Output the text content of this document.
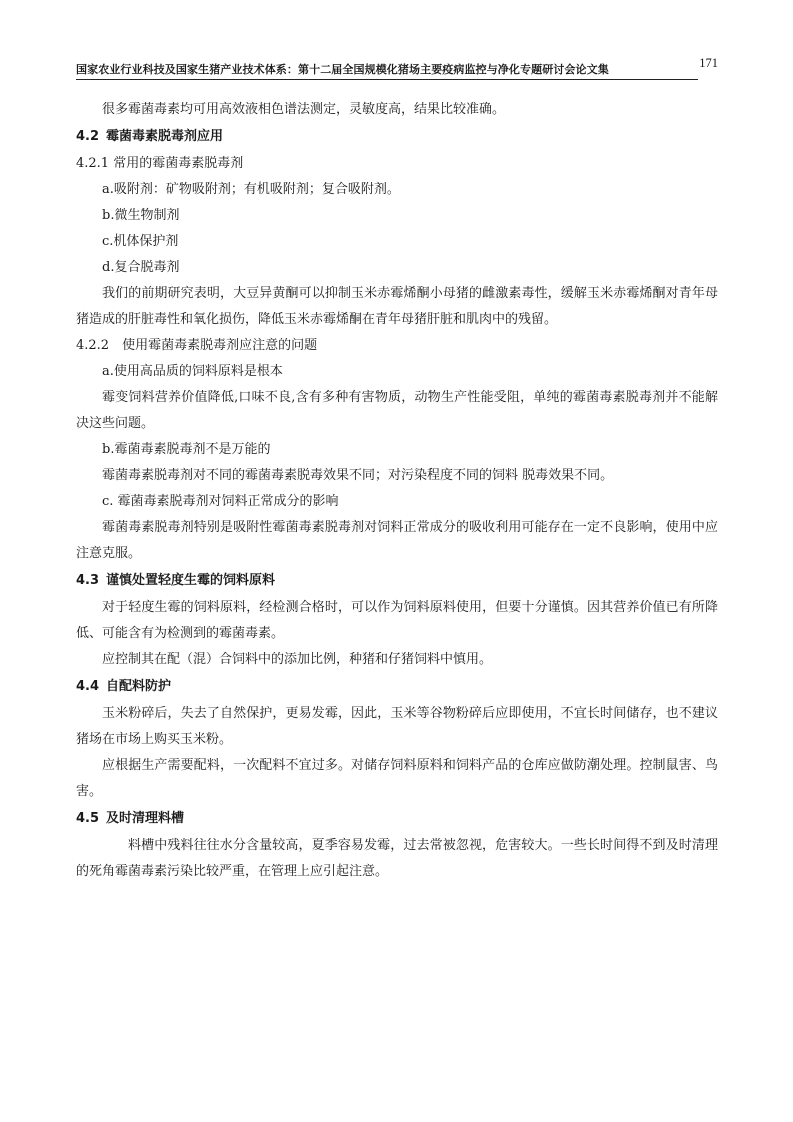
国家农业行业科技及国家生猪产业技术体系：第十二届全国规模化猪场主要疫病监控与净化专题研讨会论文集	171

很多霉菌毒素均可用高效液相色谱法测定，灵敏度高，结果比较准确。

4.2 霉菌毒素脱毒剂应用

4.2.1 常用的霉菌毒素脱毒剂

a.吸附剂：矿物吸附剂；有机吸附剂；复合吸附剂。

b.微生物制剂

c.机体保护剂

d.复合脱毒剂

我们的前期研究表明，大豆异黄酮可以抑制玉米赤霉烯酮小母猪的雌激素毒性，缓解玉米赤霉烯酮对青年母猪造成的肝脏毒性和氧化损伤，降低玉米赤霉烯酮在青年母猪肝脏和肌肉中的残留。

4.2.2　使用霉菌毒素脱毒剂应注意的问题

a.使用高品质的饲料原料是根本

霉变饲料营养价值降低,口味不良,含有多种有害物质，动物生产性能受阻，单纯的霉菌毒素脱毒剂并不能解决这些问题。

b.霉菌毒素脱毒剂不是万能的

霉菌毒素脱毒剂对不同的霉菌毒素脱毒效果不同；对污染程度不同的饲料 脱毒效果不同。

c. 霉菌毒素脱毒剂对饲料正常成分的影响

霉菌毒素脱毒剂特别是吸附性霉菌毒素脱毒剂对饲料正常成分的吸收利用可能存在一定不良影响，使用中应注意克服。

4.3 谨慎处置轻度生霉的饲料原料

对于轻度生霉的饲料原料，经检测合格时，可以作为饲料原料使用，但要十分谨慎。因其营养价值已有所降低、可能含有为检测到的霉菌毒素。

应控制其在配（混）合饲料中的添加比例，种猪和仔猪饲料中慎用。

4.4 自配料防护

玉米粉碎后，失去了自然保护，更易发霉，因此，玉米等谷物粉碎后应即使用，不宜长时间储存，也不建议猪场在市场上购买玉米粉。

应根据生产需要配料，一次配料不宜过多。对储存饲料原料和饲料产品的仓库应做防潮处理。控制鼠害、鸟害。

4.5 及时清理料槽

料槽中残料往往水分含量较高，夏季容易发霉，过去常被忽视，危害较大。一些长时间得不到及时清理的死角霉菌毒素污染比较严重，在管理上应引起注意。
